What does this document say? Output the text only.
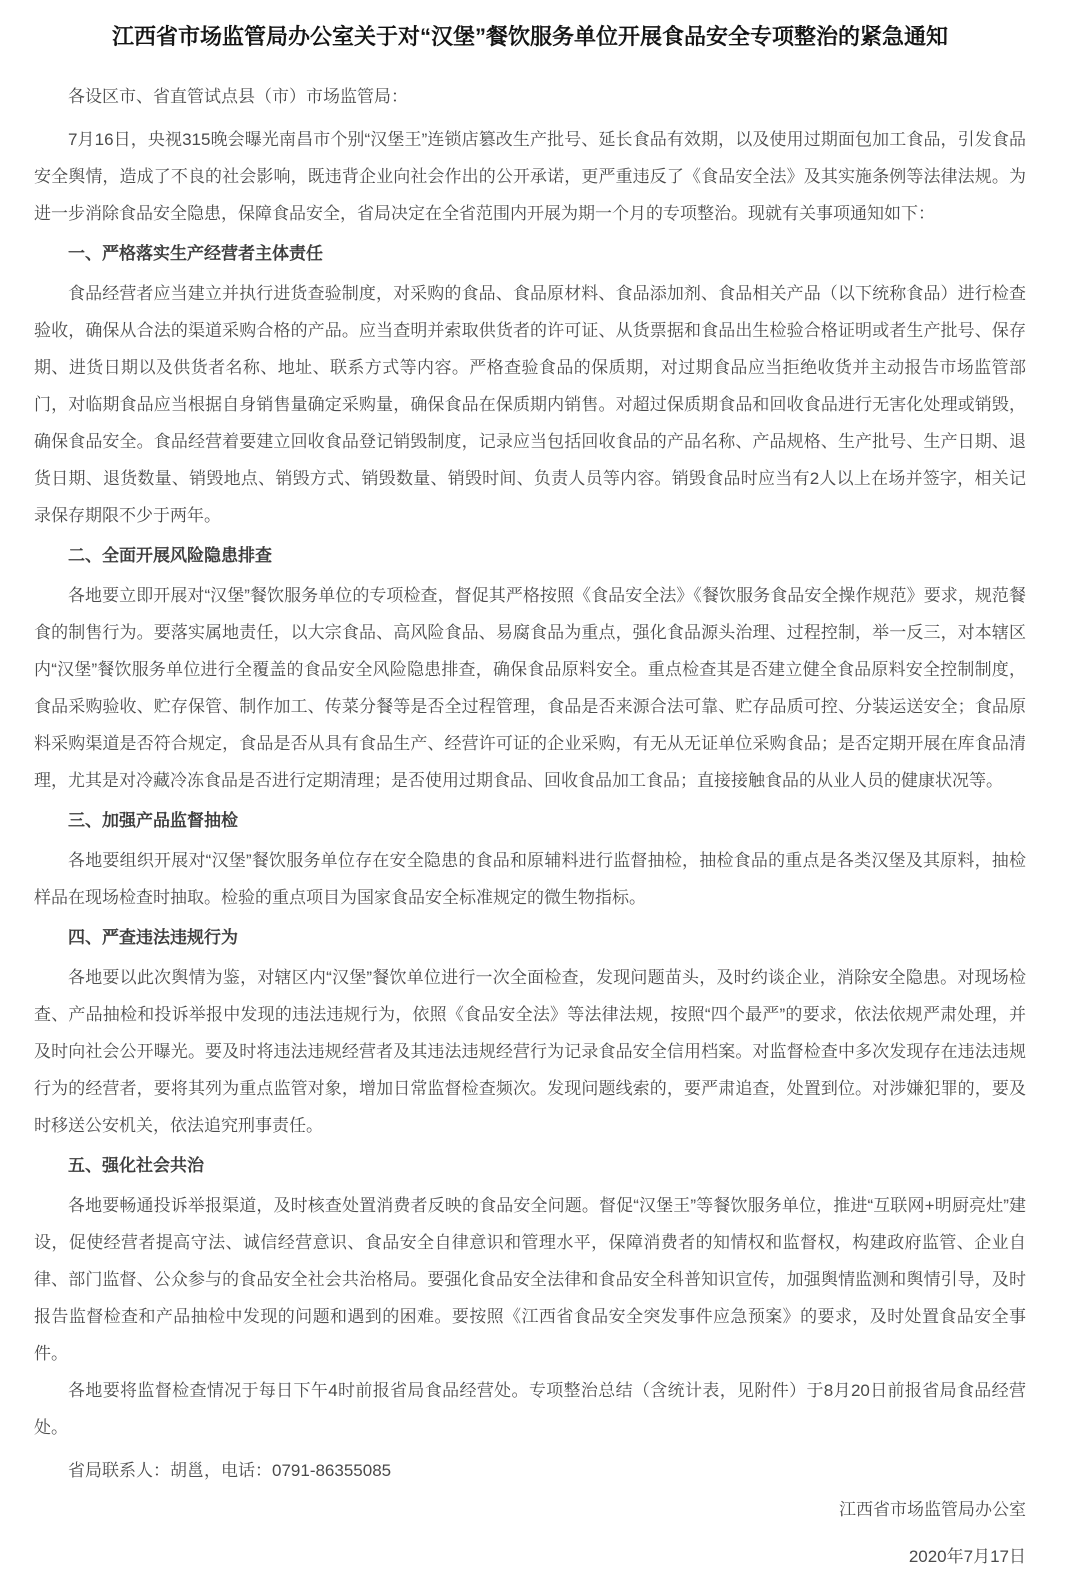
江西省市场监管局办公室关于对“汉堡”餐饮服务单位开展食品安全专项整治的紧急通知

各设区市、省直管试点县（市）市场监管局：

7月16日，央视315晚会曝光南昌市个别“汉堡王”连锁店篡改生产批号、延长食品有效期，以及使用过期面包加工食品，引发食品安全舆情，造成了不良的社会影响，既违背企业向社会作出的公开承诺，更严重违反了《食品安全法》及其实施条例等法律法规。为进一步消除食品安全隐患，保障食品安全，省局决定在全省范围内开展为期一个月的专项整治。现就有关事项通知如下：

一、严格落实生产经营者主体责任

食品经营者应当建立并执行进货查验制度，对采购的食品、食品原材料、食品添加剂、食品相关产品（以下统称食品）进行检查验收，确保从合法的渠道采购合格的产品。应当查明并索取供货者的许可证、从货票据和食品出生检验合格证明或者生产批号、保存期、进货日期以及供货者名称、地址、联系方式等内容。严格查验食品的保质期，对过期食品应当拒绝收货并主动报告市场监管部门，对临期食品应当根据自身销售量确定采购量，确保食品在保质期内销售。对超过保质期食品和回收食品进行无害化处理或销毁，确保食品安全。食品经营着要建立回收食品登记销毁制度，记录应当包括回收食品的产品名称、产品规格、生产批号、生产日期、退货日期、退货数量、销毁地点、销毁方式、销毁数量、销毁时间、负责人员等内容。销毁食品时应当有2人以上在场并签字，相关记录保存期限不少于两年。

二、全面开展风险隐患排查

各地要立即开展对“汉堡”餐饮服务单位的专项检查，督促其严格按照《食品安全法》《餐饮服务食品安全操作规范》要求，规范餐食的制售行为。要落实属地责任，以大宗食品、高风险食品、易腐食品为重点，强化食品源头治理、过程控制，举一反三，对本辖区内“汉堡”餐饮服务单位进行全覆盖的食品安全风险隐患排查，确保食品原料安全。重点检查其是否建立健全食品原料安全控制制度，食品采购验收、贮存保管、制作加工、传菜分餐等是否全过程管理，食品是否来源合法可靠、贮存品质可控、分装运送安全；食品原料采购渠道是否符合规定，食品是否从具有食品生产、经营许可证的企业采购，有无从无证单位采购食品；是否定期开展在库食品清理，尤其是对冷藏冷冻食品是否进行定期清理；是否使用过期食品、回收食品加工食品；直接接触食品的从业人员的健康状况等。

三、加强产品监督抽检

各地要组织开展对“汉堡”餐饮服务单位存在安全隐患的食品和原辅料进行监督抽检，抽检食品的重点是各类汉堡及其原料，抽检样品在现场检查时抽取。检验的重点项目为国家食品安全标准规定的微生物指标。

四、严查违法违规行为

各地要以此次舆情为鉴，对辖区内“汉堡”餐饮单位进行一次全面检查，发现问题苗头，及时约谈企业，消除安全隐患。对现场检查、产品抽检和投诉举报中发现的违法违规行为，依照《食品安全法》等法律法规，按照“四个最严”的要求，依法依规严肃处理，并及时向社会公开曝光。要及时将违法违规经营者及其违法违规经营行为记录食品安全信用档案。对监督检查中多次发现存在违法违规行为的经营者，要将其列为重点监管对象，增加日常监督检查频次。发现问题线索的，要严肃追查，处置到位。对涉嫌犯罪的，要及时移送公安机关，依法追究刑事责任。

五、强化社会共治

各地要畅通投诉举报渠道，及时核查处置消费者反映的食品安全问题。督促“汉堡王”等餐饮服务单位，推进“互联网+明厨亮灶”建设，促使经营者提高守法、诚信经营意识、食品安全自律意识和管理水平，保障消费者的知情权和监督权，构建政府监管、企业自律、部门监督、公众参与的食品安全社会共治格局。要强化食品安全法律和食品安全科普知识宣传，加强舆情监测和舆情引导，及时报告监督检查和产品抽检中发现的问题和遇到的困难。要按照《江西省食品安全突发事件应急预案》的要求，及时处置食品安全事件。

各地要将监督检查情况于每日下午4时前报省局食品经营处。专项整治总结（含统计表，见附件）于8月20日前报省局食品经营处。

省局联系人：胡邕，电话：0791-86355085

江西省市场监管局办公室

2020年7月17日
